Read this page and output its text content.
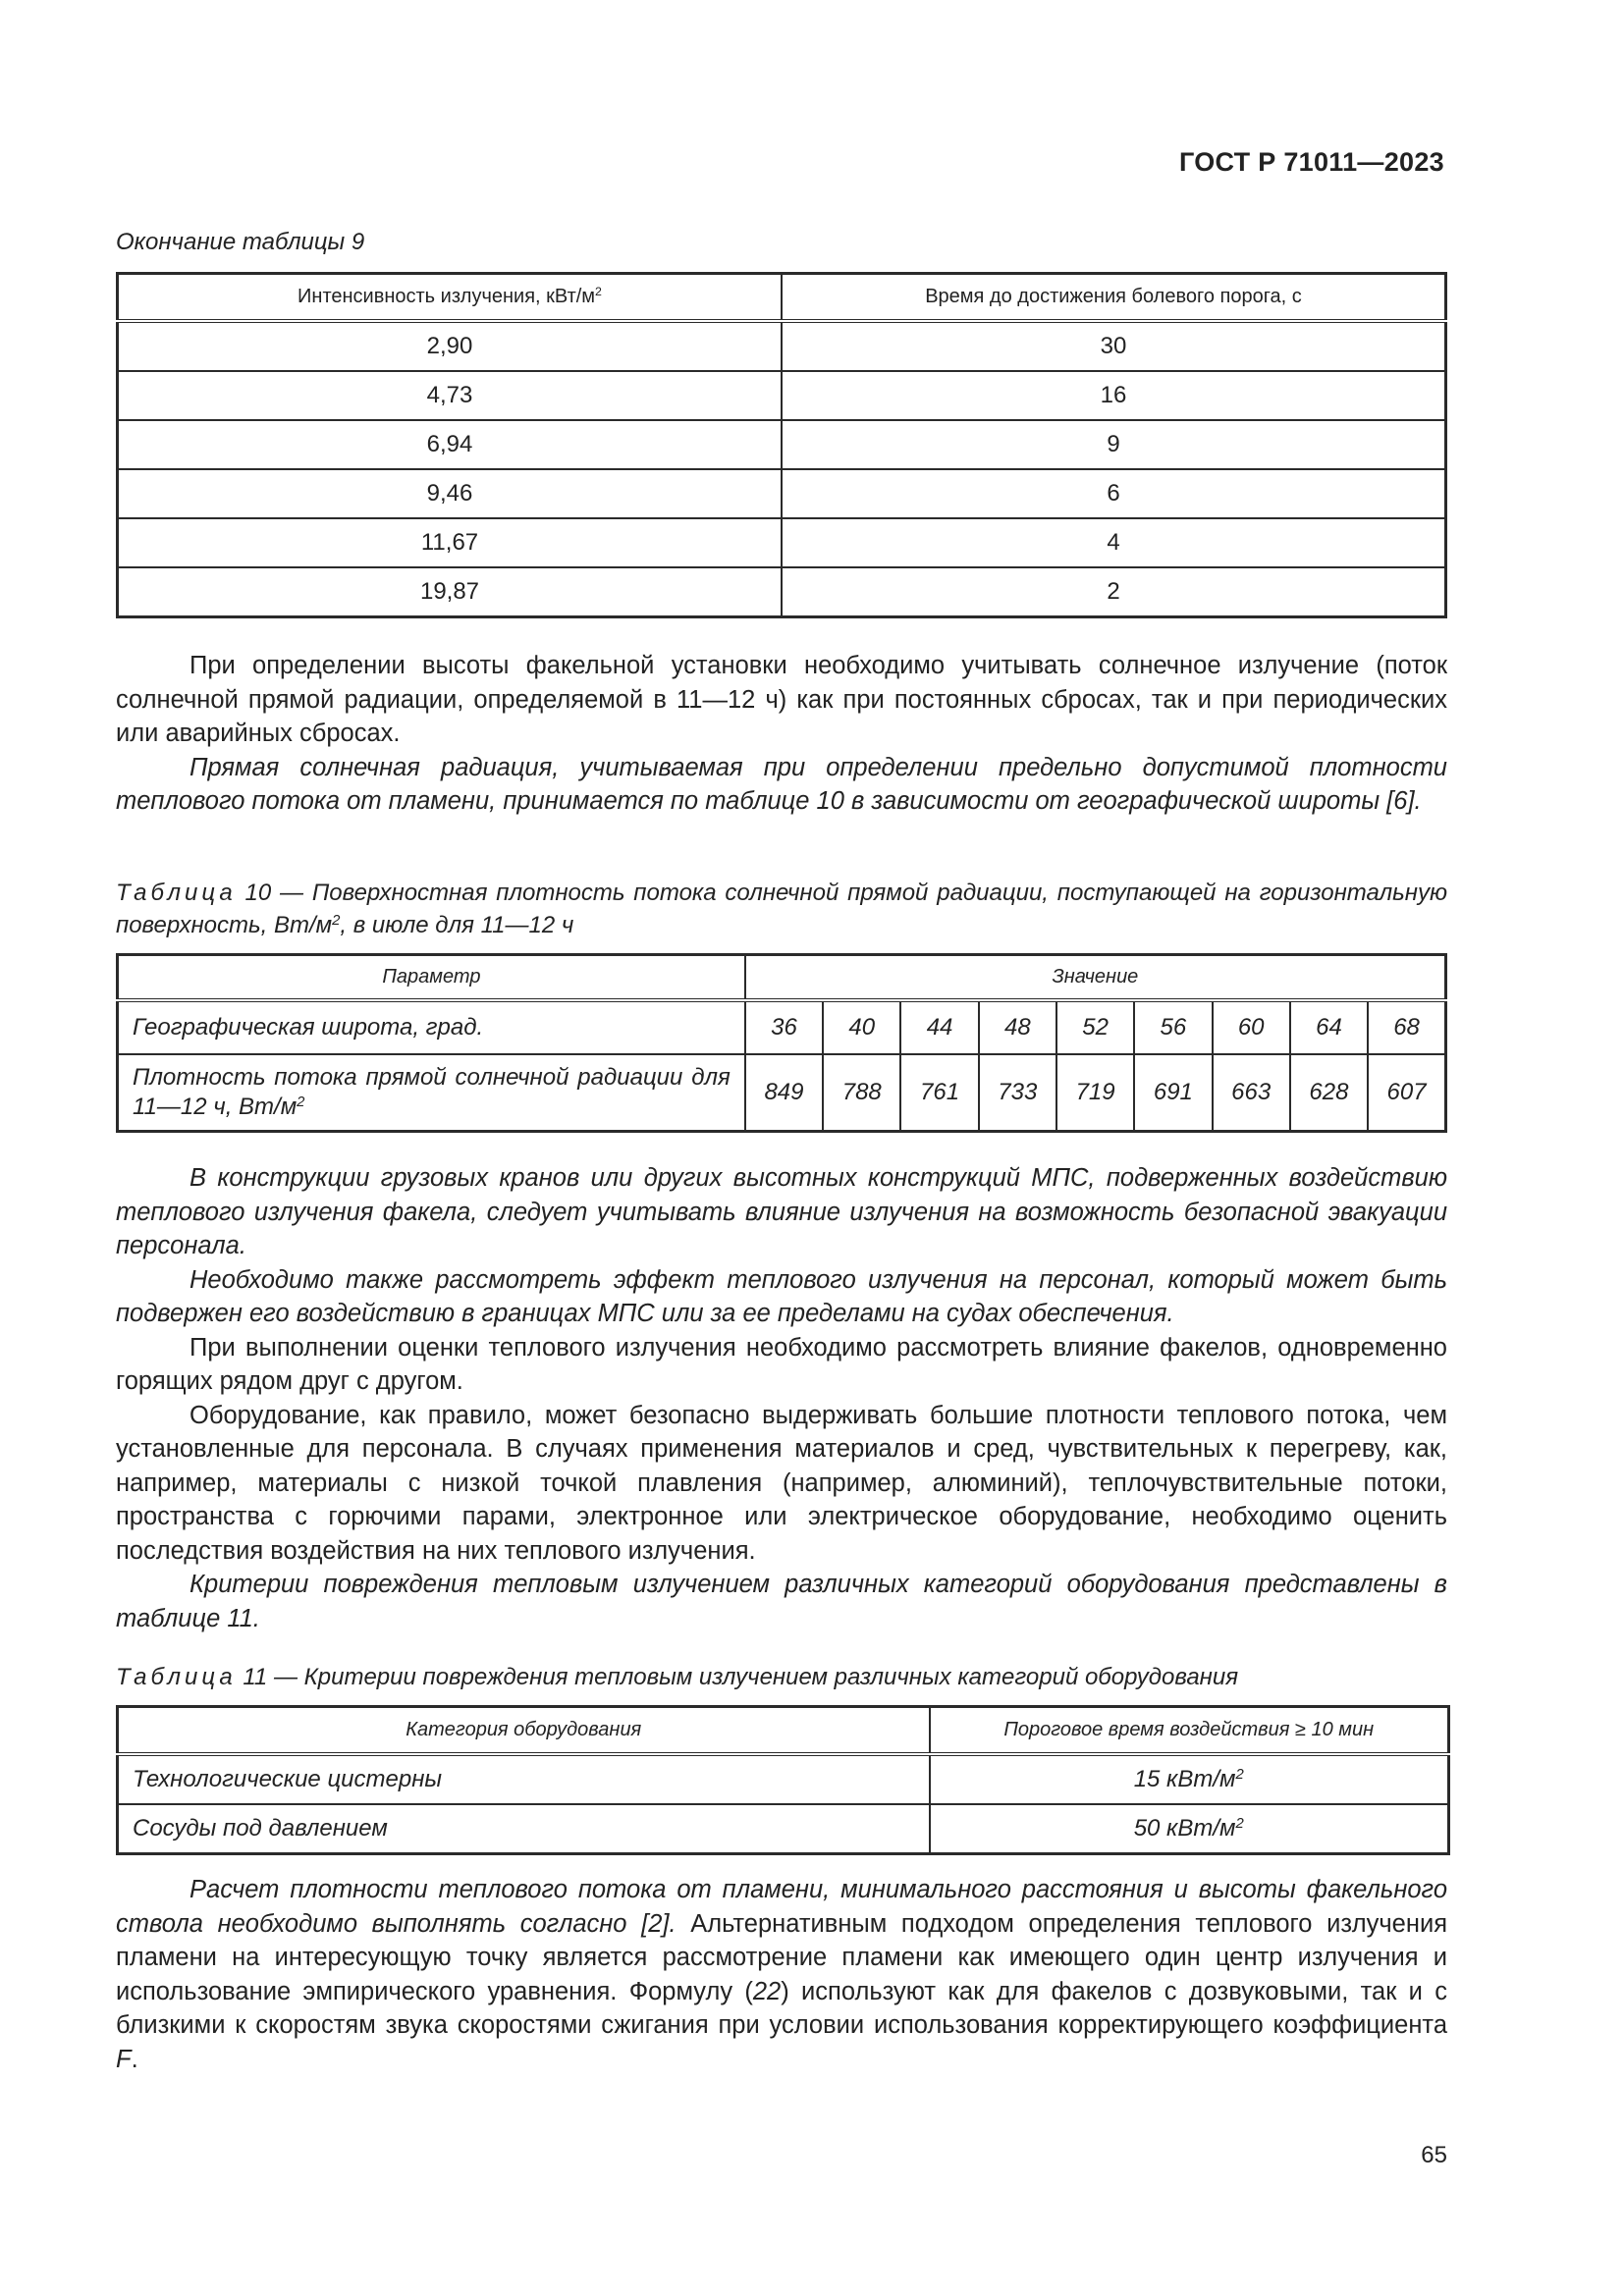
ГОСТ Р 71011—2023
Окончание таблицы 9
Интенсивность излучения, кВт/$м^2$	Время до достижения болевого порога, с
2,90	30
4,73	16
6,94	9
9,46	6
11,67	4
19,87	2

При определении высоты факельной установки необходимо учитывать солнечное излучение (поток солнечной прямой радиации, определяемой в 11—12 ч) как при постоянных сбросах, так и при периодических или аварийных сбросах.

Прямая солнечная радиация, учитываемая при определении предельно допустимой плотности теплового потока от пламени, принимается по таблице 10 в зависимости от географической широты [6].

Таблица 10 — Поверхностная плотность потока солнечной прямой радиации, поступающей на горизонтальную поверхность, $Вт/м^2$, в июле для 11—12 ч
Параметр	Значение								
Географическая широта, град.	36	40	44	48	52	56	60	64	68
Плотность потока прямой солнечной радиации для 11—12 ч, $Вт/м^2$	849	788	761	733	719	691	663	628	607

В конструкции грузовых кранов или других высотных конструкций МПС, подверженных воздействию теплового излучения факела, следует учитывать влияние излучения на возможность безопасной эвакуации персонала.

Необходимо также рассмотреть эффект теплового излучения на персонал, который может быть подвержен его воздействию в границах МПС или за ее пределами на судах обеспечения.

При выполнении оценки теплового излучения необходимо рассмотреть влияние факелов, одновременно горящих рядом друг с другом.

Оборудование, как правило, может безопасно выдерживать большие плотности теплового потока, чем установленные для персонала. В случаях применения материалов и сред, чувствительных к перегреву, как, например, материалы с низкой точкой плавления (например, алюминий), теплочувствительные потоки, пространства с горючими парами, электронное или электрическое оборудование, необходимо оценить последствия воздействия на них теплового излучения.

Критерии повреждения тепловым излучением различных категорий оборудования представлены в таблице 11.

Таблица 11 — Критерии повреждения тепловым излучением различных категорий оборудования
Категория оборудования	Пороговое время воздействия ≥ 10 мин
Технологические цистерны	15 кВт/$м^2$
Сосуды под давлением	50 кВт/$м^2$

Расчет плотности теплового потока от пламени, минимального расстояния и высоты факельного ствола необходимо выполнять согласно [2]. Альтернативным подходом определения теплового излучения пламени на интересующую точку является рассмотрение пламени как имеющего один центр излучения и использование эмпирического уравнения. Формулу (22) используют как для факелов с дозвуковыми, так и с близкими к скоростям звука скоростями сжигания при условии использования корректирующего коэффициента F.

65
